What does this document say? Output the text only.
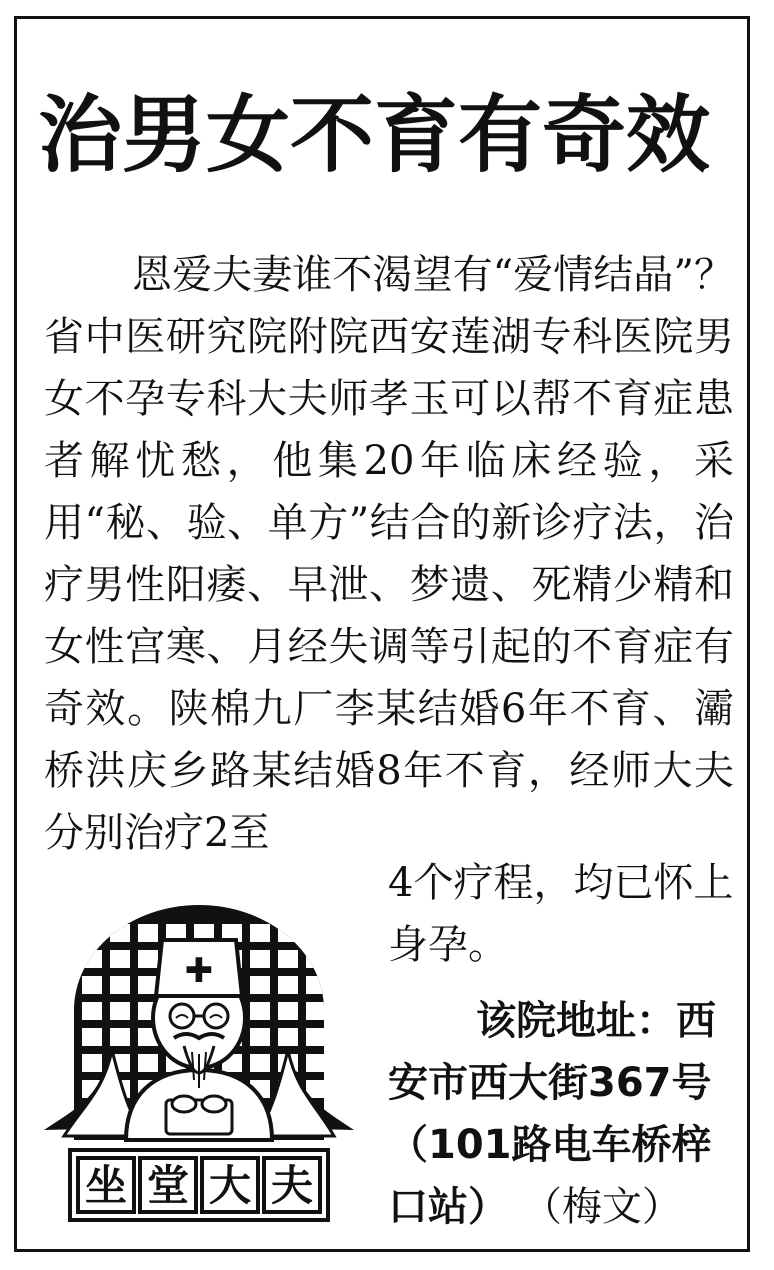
治男女不育有奇效

恩爱夫妻谁不渴望有“爱情结晶”？省中医研究院附院西安莲湖专科医院男女不孕专科大夫师孝玉可以帮不育症患者解忧愁，他集20年临床经验，采用“秘、验、单方”结合的新诊疗法，治疗男性阳痿、早泄、梦遗、死精少精和女性宫寒、月经失调等引起的不育症有奇效。陕棉九厂李某结婚6年不育、灞桥洪庆乡路某结婚8年不育，经师大夫分别治疗2至

4个疗程，均已怀上身孕。

该院地址：西安市西大街367号（101路电车桥梓口站） （梅文）

✚
坐 堂 大 夫
